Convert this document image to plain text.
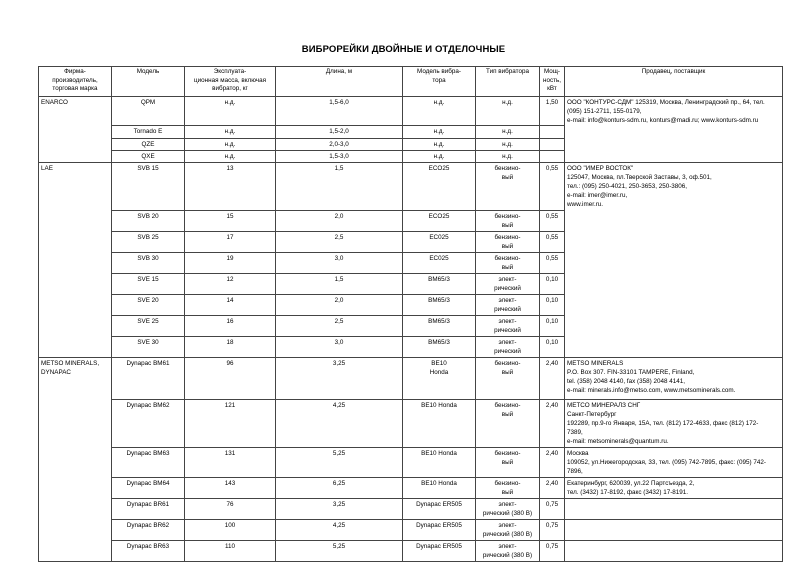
ВИБРОРЕЙКИ ДВОЙНЫЕ И ОТДЕЛОЧНЫЕ
Фирма-
производитель,
торговая марка	Модель	Эксплуата-
ционная масса, включая
вибратор, кг	Длина, м	Модель вибра-
тора	Тип вибратора	Мощ-
ность,
кВт	Продавец, поставщик

ENARCO	QPM	н.д.	1,5-6,0	н.д.	н.д.	1,50	ООО "КОНТУРС-СДМ" 125319, Москва, Ленинградский пр., 64, тел.
(095) 151-2711, 155-0179,
e-mail: info@konturs-sdm.ru, konturs@madi.ru; www.konturs-sdm.ru

	Tornado E	н.д.	1,5-2,0	н.д.	н.д.		

	QZE	н.д.	2,0-3,0	н.д.	н.д.		

	QXE	н.д.	1,5-3,0	н.д.	н.д.		

LAE	SVB 15	13	1,5	ECO25	бензино-
вый	0,55	ООО "ИМЕР ВОСТОК"
125047, Москва, пл.Тверской Заставы, 3, оф.501,
тел.: (095) 250-4021, 250-3653, 250-3806,
e-mail: imer@imer.ru,
www.imer.ru.

	SVB 20	15	2,0	ECO25	бензино-
вый	0,55	
	SVB 25	17	2,5	EC025	бензино-
вый	0,55	
	SVB 30	19	3,0	EC025	бензино-
вый	0,55	
	SVE 15	12	1,5	BM65/3	элект-
рический	0,10	
	SVE 20	14	2,0	BM65/3	элект-
рический	0,10	
	SVE 25	16	2,5	BM65/3	элект-
рический	0,10	
	SVE 30	18	3,0	BM65/3	элект-
рический	0,10	

METSO MINERALS,
DYNAPAC	Dynapac BM61	96	3,25	BE10
Honda	бензино-
вый	2,40	METSO MINERALS
P.O. Box 307. FIN-33101 TAMPERE, Finland,
tel. (358) 2048 4140, fax (358) 2048 4141,
e-mail: minerals.info@metso.com, www.metsominerals.com.

	Dynapac BM62	121	4,25	BE10 Honda	бензино-
вый	2,40	МЕТСО МИНЕРАЛЗ СНГ
Санкт-Петербург
192289, пр.9-го Января, 15А, тел. (812) 172-4633, факс (812) 172-
7389,
e-mail: metsominerals@quantum.ru.

	Dynapac BM63	131	5,25	BE10 Honda	бензино-
вый	2,40	Москва
109052, ул.Нижегородская, 33, тел. (095) 742-7895, факс: (095) 742-
7896,

	Dynapac BM64	143	6,25	BE10 Honda	бензино-
вый	2,40	Екатеринбург, 620039, ул.22 Партсъезда, 2,
тел. (3432) 17-8192, факс (3432) 17-8191.

	Dynapac BR61	76	3,25	Dynapac ER505	элект-
рический (380 В)	0,75	
	Dynapac BR62	100	4,25	Dynapac ER505	элект-
рический (380 В)	0,75	
	Dynapac BR63	110	5,25	Dynapac ER505	элект-
рический (380 В)	0,75	
